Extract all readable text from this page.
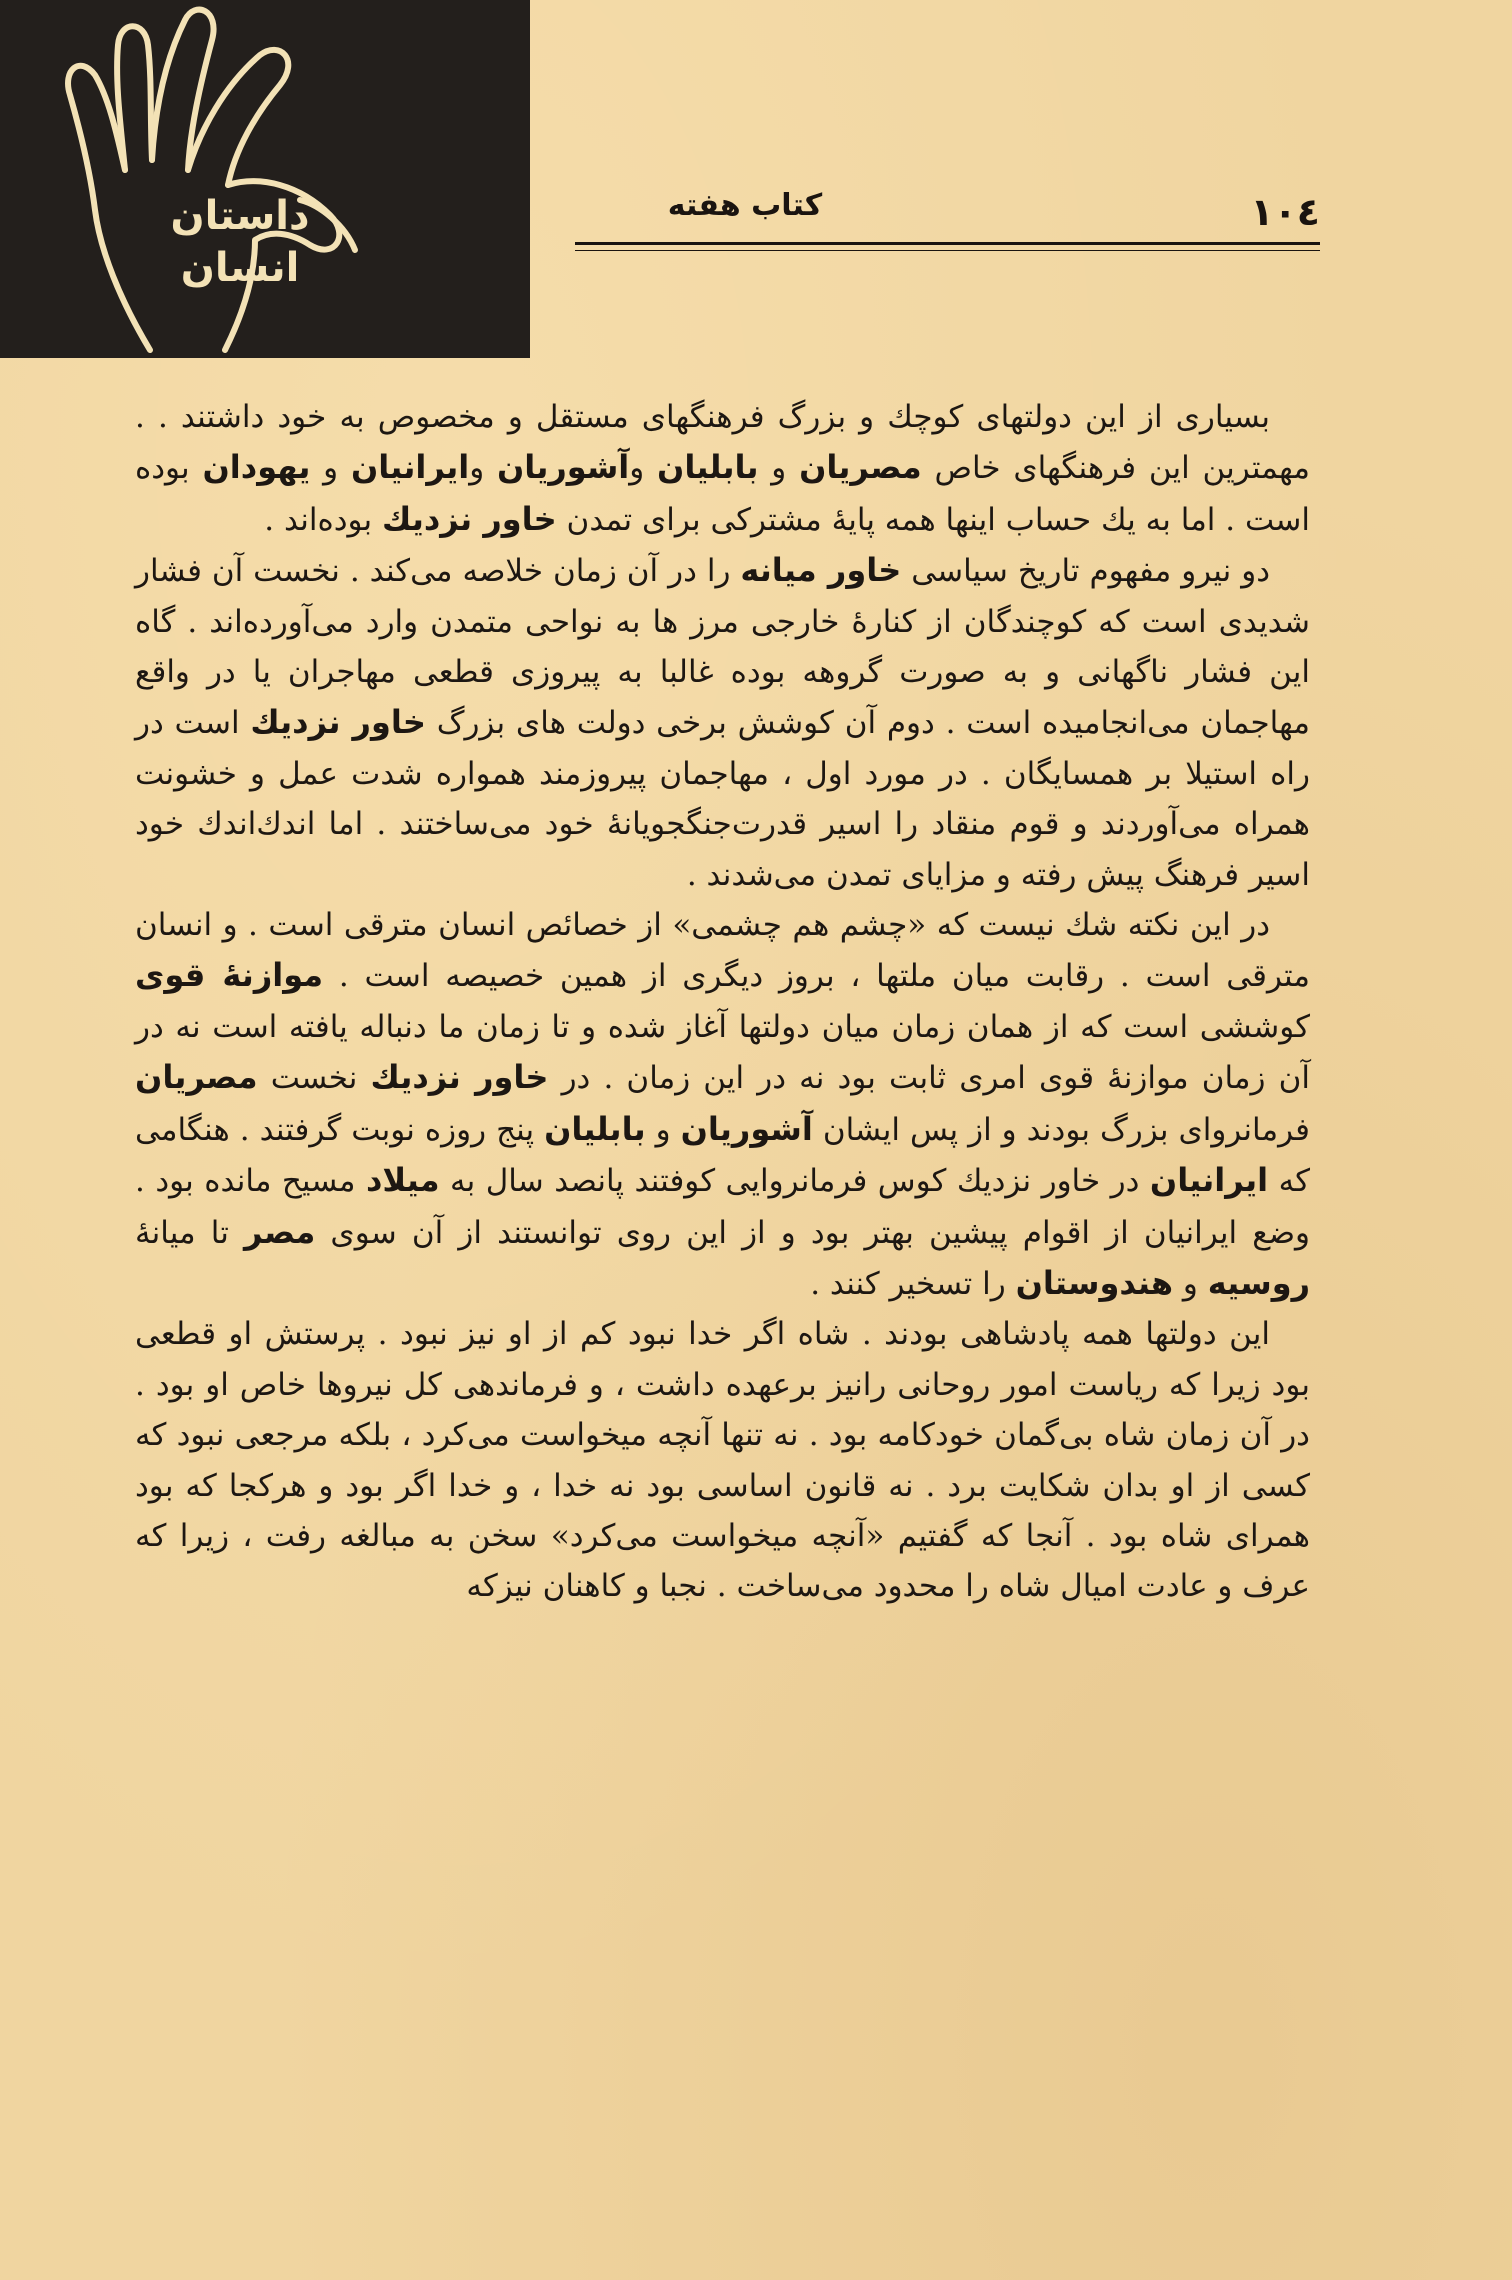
داستان
انسان
۱۰٤
كتاب هفته

بسیاری از این دولتهای کوچك و بزرگ فرهنگهای مستقل و مخصوص به خود داشتند . . مهمترین این فرهنگهای خاص مصریان و بابلیان وآشوریان وایرانیان و یهودان بوده است . اما به یك حساب اینها همه پایهٔ مشترکی برای تمدن خاور نزدیك بوده‌اند .

دو نیرو مفهوم تاریخ سیاسی خاور میانه را در آن زمان خلاصه می‌کند . نخست آن فشار شدیدی است که کوچندگان از کنارهٔ خارجی مرز ها به نواحی متمدن وارد می‌آورده‌اند . گاه این فشار ناگهانی و به صورت گروهه بوده غالبا به پیروزی قطعی مهاجران یا در واقع مهاجمان می‌انجامیده است . دوم آن کوشش برخی دولت های بزرگ خاور نزدیك است در راه استیلا بر همسایگان . در مورد اول ، مهاجمان پیروزمند همواره شدت عمل و خشونت همراه می‌آوردند و قوم منقاد را اسیر قدرت‌جنگجویانهٔ خود می‌ساختند . اما اندك‌اندك خود اسیر فرهنگ پیش رفته و مزایای تمدن می‌شدند .

در این نکته شك نیست که «چشم هم چشمی» از خصائص انسان مترقی است . و انسان مترقی است . رقابت میان ملتها ، بروز دیگری از همین خصیصه است . موازنهٔ قوی کوششی است که از همان زمان میان دولتها آغاز شده و تا زمان ما دنباله یافته است نه در آن زمان موازنهٔ قوی امری ثابت بود نه در این زمان . در خاور نزدیك نخست مصریان فرمانروای بزرگ بودند و از پس ایشان آشوریان و بابلیان پنج روزه نوبت گرفتند . هنگامی که ایرانیان در خاور نزدیك کوس فرمانروایی کوفتند پانصد سال به میلاد مسیح مانده بود . وضع ایرانیان از اقوام پیشین بهتر بود و از این روی توانستند از آن سوی مصر تا میانهٔ روسیه و هندوستان را تسخیر کنند .

این دولتها همه پادشاهی بودند . شاه اگر خدا نبود کم از او نیز نبود . پرستش او قطعی بود زیرا که ریاست امور روحانی رانیز برعهده داشت ، و فرماندهی کل نیروها خاص او بود . در آن زمان شاه بی‌گمان خودکامه بود . نه تنها آنچه میخواست می‌کرد ، بلکه مرجعی نبود که کسی از او بدان شکایت برد . نه قانون اساسی بود نه خدا ، و خدا اگر بود و هرکجا که بود همرای شاه بود . آنجا که گفتیم «آنچه میخواست می‌کرد» سخن به مبالغه رفت ، زیرا که عرف و عادت امیال شاه را محدود می‌ساخت . نجبا و کاهنان نیزکه
